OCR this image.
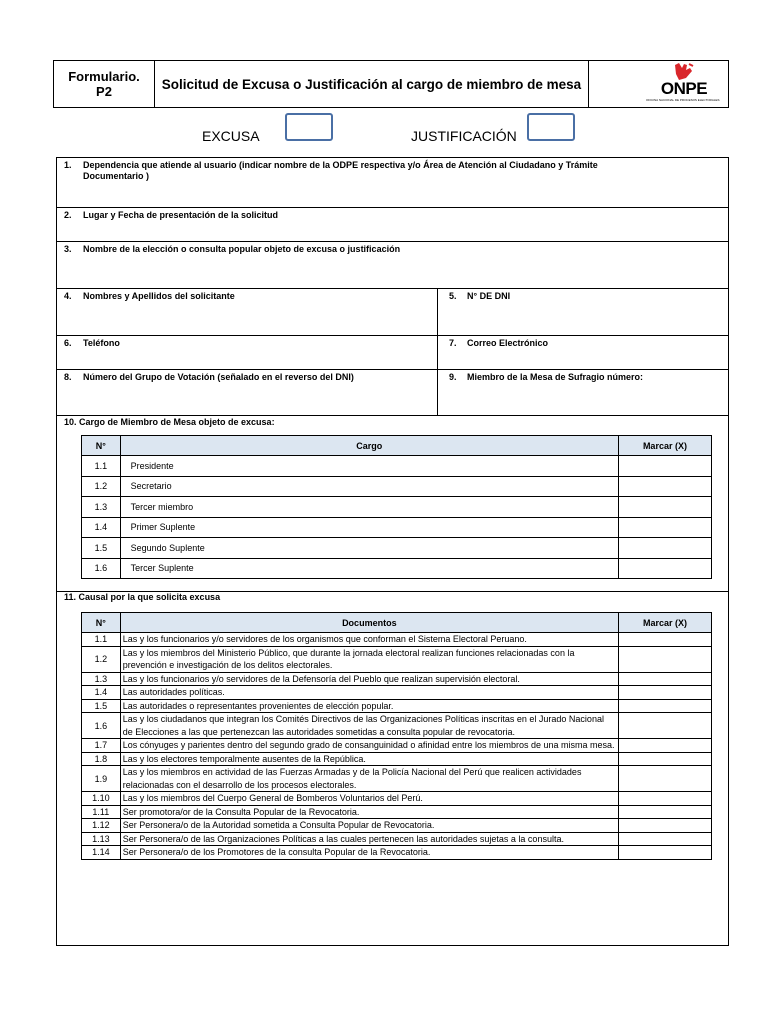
Formulario.
P2	Solicitud de Excusa o Justificación al cargo de miembro de mesa	ONPE
OFICINA NACIONAL DE PROCESOS ELECTORALES
EXCUSA	JUSTIFICACIÓN
1. Dependencia que atiende al usuario (indicar nombre de la ODPE respectiva y/o Área de Atención al Ciudadano y Trámite
Documentario )
2. Lugar y Fecha de presentación de la solicitud
3. Nombre de la elección o consulta popular objeto de excusa o justificación
4. Nombres y Apellidos del solicitante	5. N° DE DNI
6. Teléfono	7. Correo Electrónico
8. Número del Grupo de Votación (señalado en el reverso del DNI)	9. Miembro de la Mesa de Sufragio número:
10. Cargo de Miembro de Mesa objeto de excusa:
N°	Cargo	Marcar (X)
1.1	Presidente	
1.2	Secretario	
1.3	Tercer miembro	
1.4	Primer Suplente	
1.5	Segundo Suplente	
1.6	Tercer Suplente	
11. Causal por la que solicita excusa
N°	Documentos	Marcar (X)
1.1	Las y los funcionarios y/o servidores de los organismos que conforman el Sistema Electoral Peruano.	
1.2	Las y los miembros del Ministerio Público, que durante la jornada electoral realizan funciones relacionadas con la prevención e investigación de los delitos electorales.	
1.3	Las y los funcionarios y/o servidores de la Defensoría del Pueblo que realizan supervisión electoral.	
1.4	Las autoridades políticas.	
1.5	Las autoridades o representantes provenientes de elección popular.	
1.6	Las y los ciudadanos que integran los Comités Directivos de las Organizaciones Políticas inscritas en el Jurado Nacional de Elecciones a las que pertenezcan las autoridades sometidas a consulta popular de revocatoria.	
1.7	Los cónyuges y parientes dentro del segundo grado de consanguinidad o afinidad entre los miembros de una misma mesa.	
1.8	Las y los electores temporalmente ausentes de la República.	
1.9	Las y los miembros en actividad de las Fuerzas Armadas y de la Policía Nacional del Perú que realicen actividades relacionadas con el desarrollo de los procesos electorales.	
1.10	Las y los miembros del Cuerpo General de Bomberos Voluntarios del Perú.	
1.11	Ser promotora/or de la Consulta Popular de la Revocatoria.	
1.12	Ser Personera/o de la Autoridad sometida a Consulta Popular de Revocatoria.	
1.13	Ser Personera/o de las Organizaciones Políticas a las cuales pertenecen las autoridades sujetas a la consulta.	
1.14	Ser Personera/o de los Promotores de la consulta Popular de la Revocatoria.	
